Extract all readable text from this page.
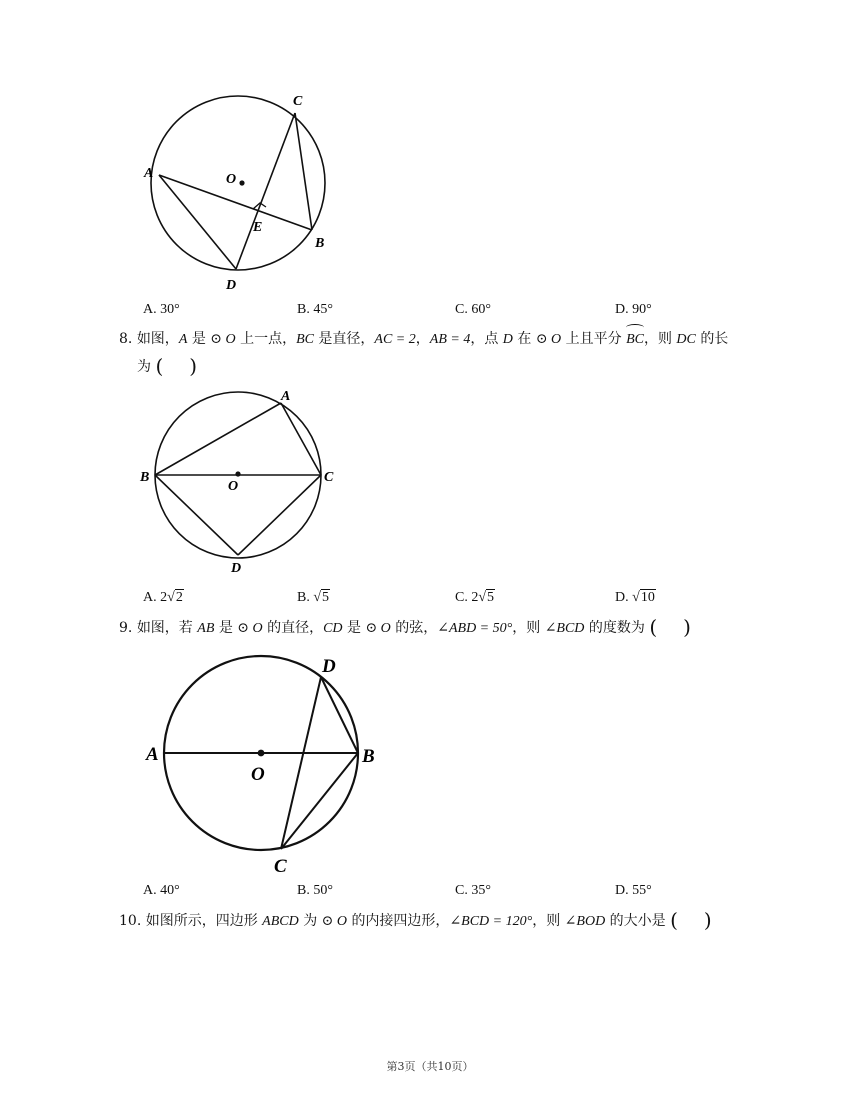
A
C
O
E
B
D
A. 30°	B. 45°	C. 60°	D. 90°
8. 如图，A 是 ⊙ O 上一点，BC 是直径，AC = 2，AB = 4，点 D 在 ⊙ O 上且平分 BC，则 DC 的长
为 ( )
A
B	C
O
D
A. 2√2	B. √5	C. 2√5	D. √10
9. 如图，若 AB 是 ⊙ O 的直径，CD 是 ⊙ O 的弦，∠ABD = 50°，则 ∠BCD 的度数为 ( )
A	B
D
O
C
A. 40°	B. 50°	C. 35°	D. 55°
10. 如图所示，四边形 ABCD 为 ⊙ O 的内接四边形，∠BCD = 120°，则 ∠BOD 的大小是 ( )
第3页（共10页）
